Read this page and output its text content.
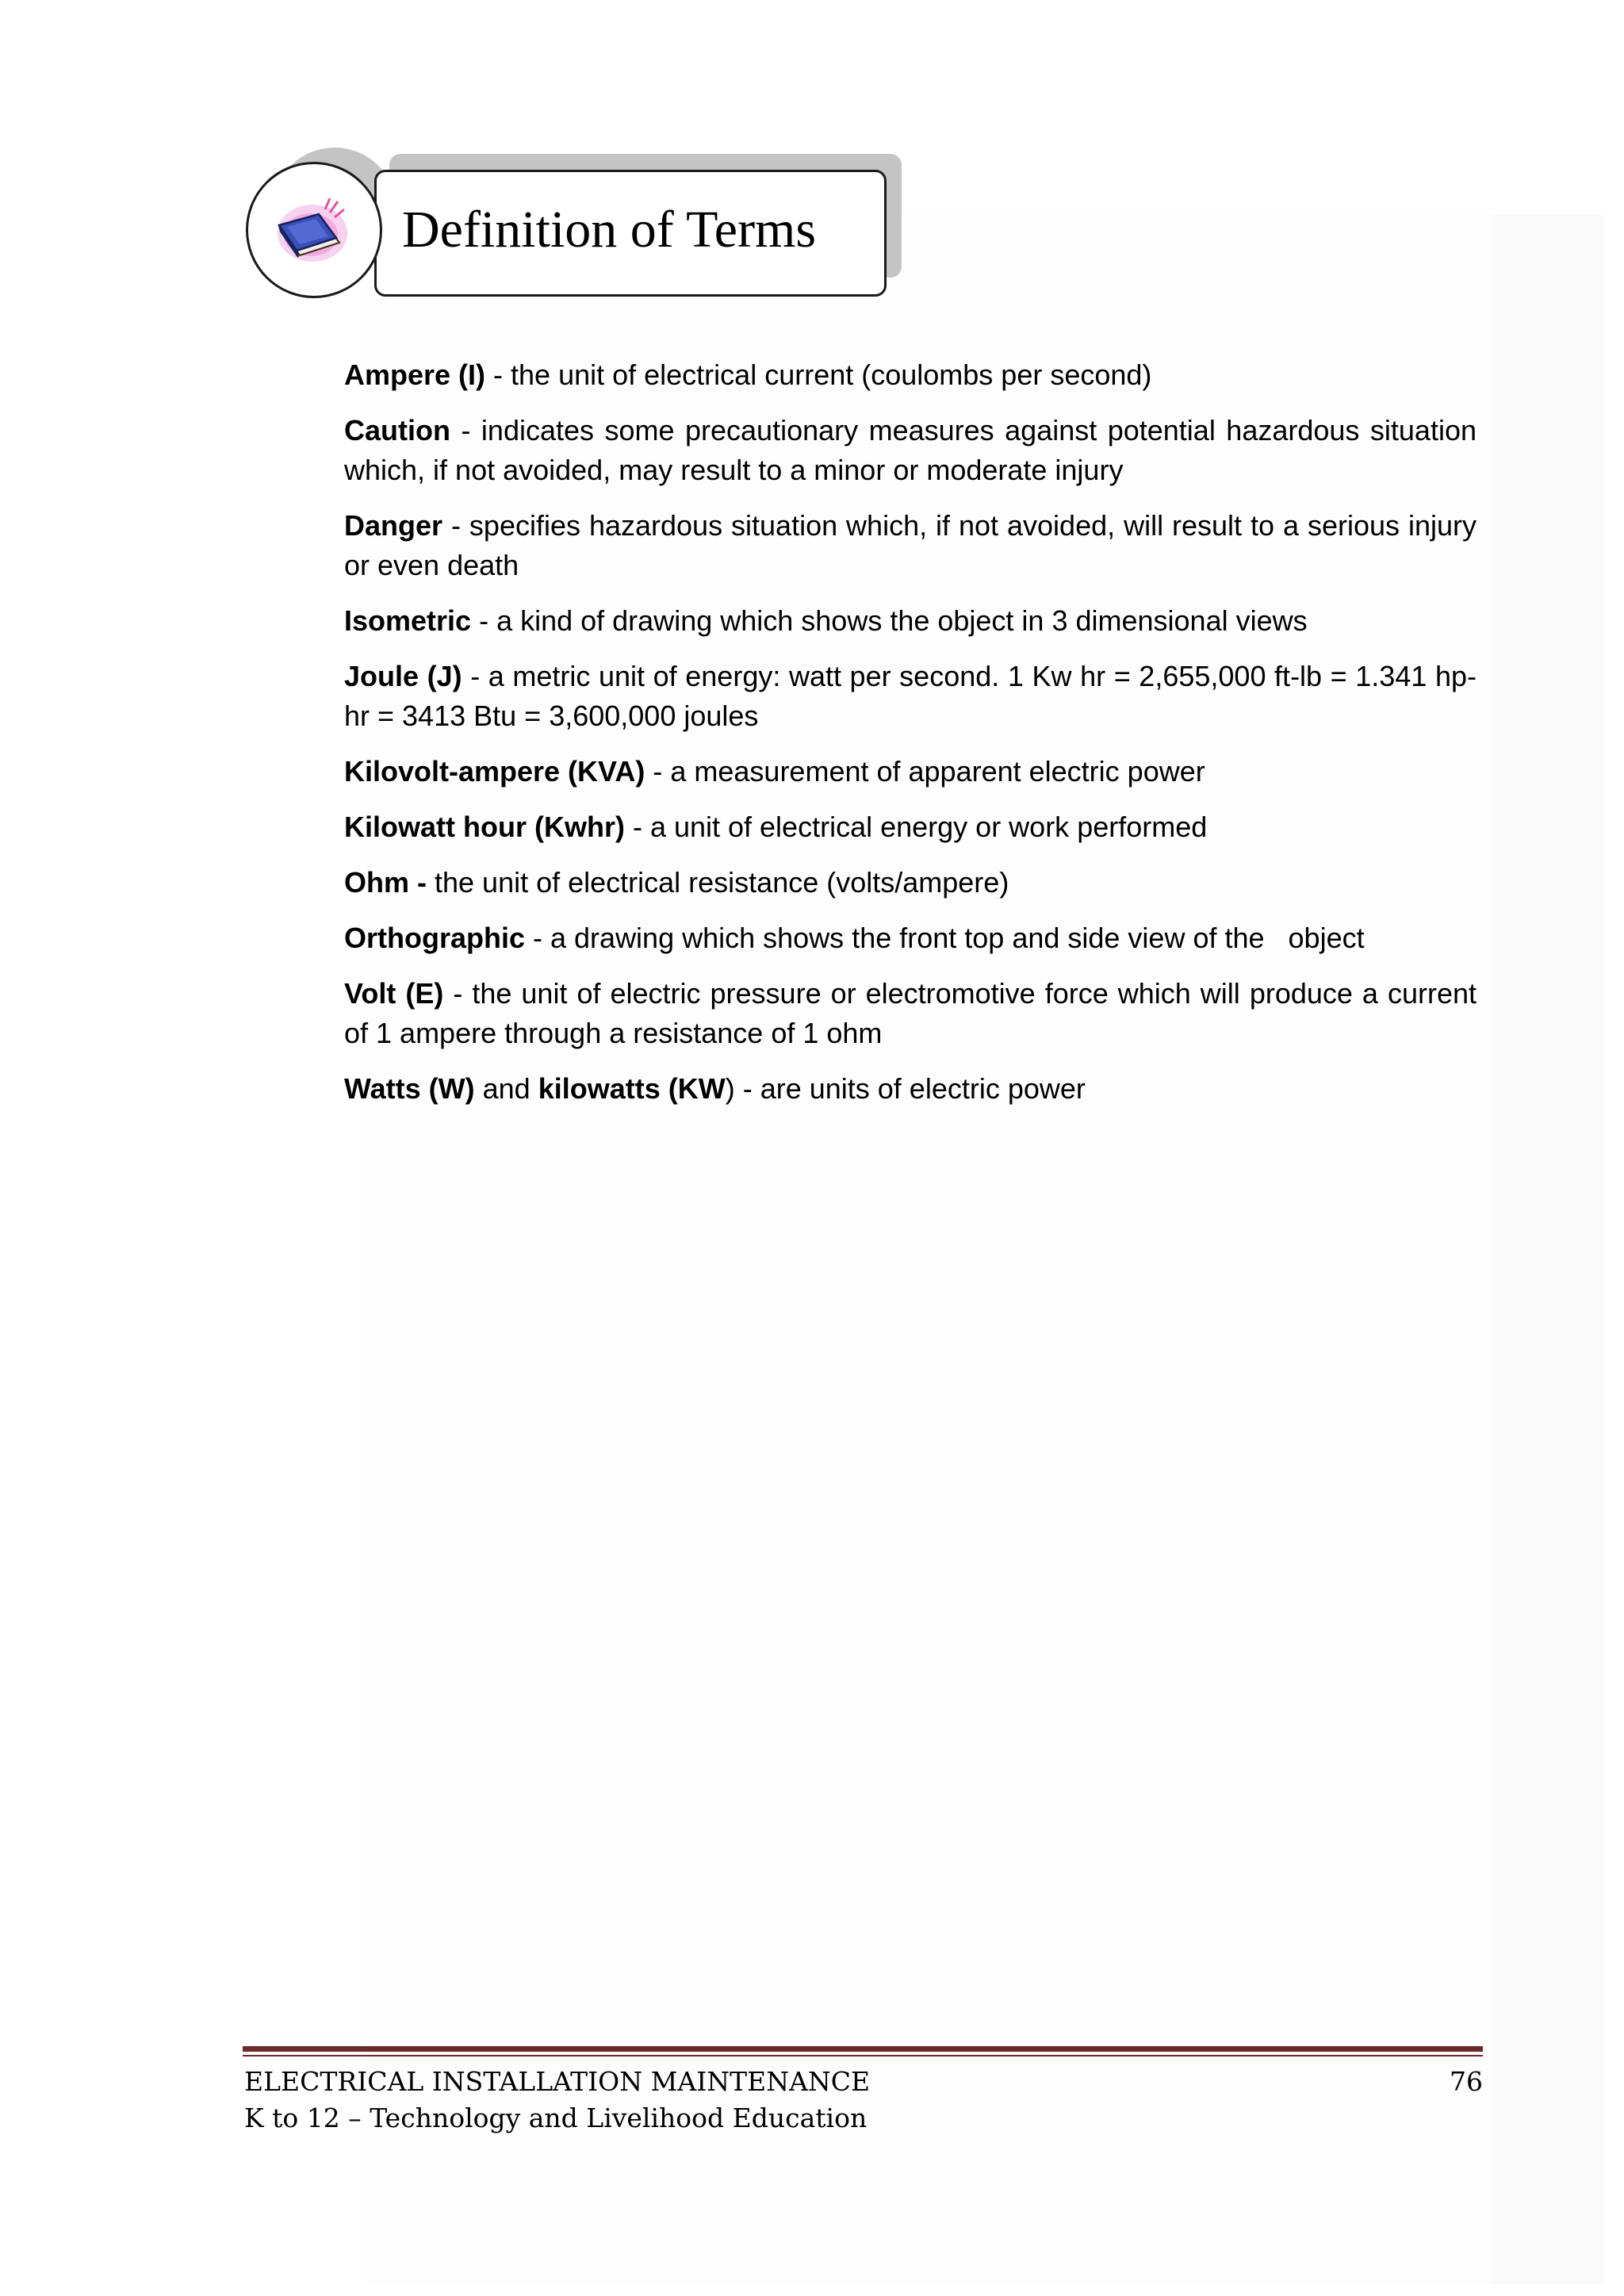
Definition of Terms

Ampere (I) - the unit of electrical current (coulombs per second)

Caution - indicates some precautionary measures against potential hazardous situation which, if not avoided, may result to a minor or moderate injury

Danger - specifies hazardous situation which, if not avoided, will result to a serious injury or even death

Isometric - a kind of drawing which shows the object in 3 dimensional views

Joule (J) - a metric unit of energy: watt per second. 1 Kw hr = 2,655,000 ft-lb = 1.341 hp-hr = 3413 Btu = 3,600,000 joules

Kilovolt-ampere (KVA) - a measurement of apparent electric power

Kilowatt hour (Kwhr) - a unit of electrical energy or work performed

Ohm - the unit of electrical resistance (volts/ampere)

Orthographic - a drawing which shows the front top and side view of the   object

Volt (E) - the unit of electric pressure or electromotive force which will produce a current of 1 ampere through a resistance of 1 ohm

Watts (W) and kilowatts (KW) - are units of electric power

ELECTRICAL INSTALLATION MAINTENANCE
K to 12 – Technology and Livelihood Education
76
